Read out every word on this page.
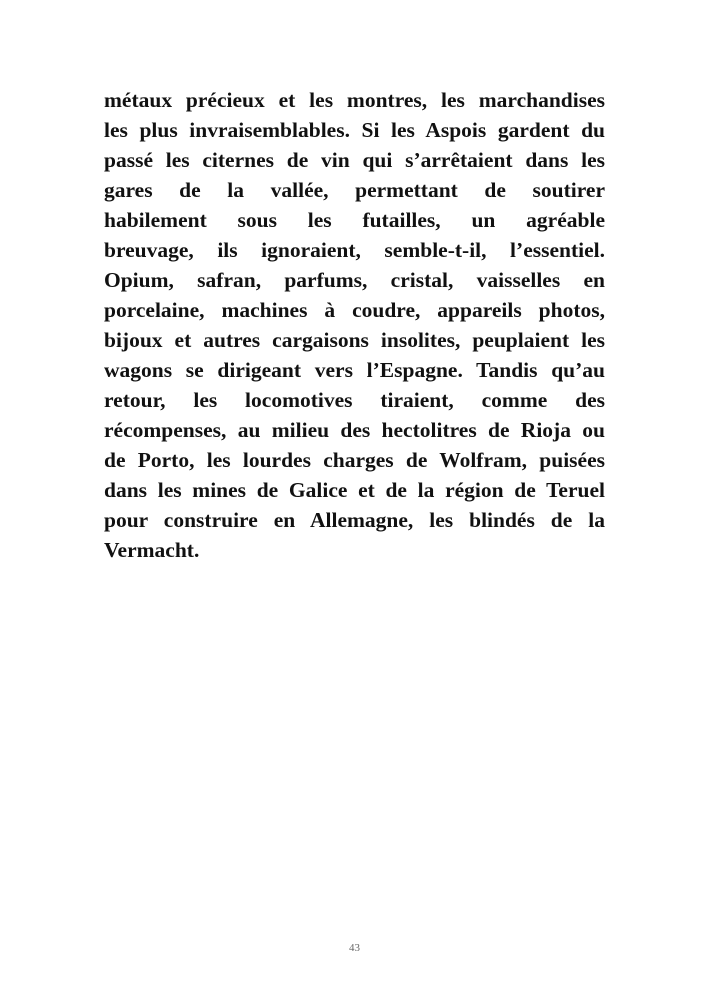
métaux précieux et les montres, les marchandises
les plus invraisemblables. Si les Aspois gardent du
passé les citernes de vin qui s’arrêtaient dans les
gares de la vallée, permettant de soutirer
habilement sous les futailles, un agréable
breuvage, ils ignoraient, semble-t-il, l’essentiel.
Opium, safran, parfums, cristal, vaisselles en
porcelaine, machines à coudre, appareils photos,
bijoux et autres cargaisons insolites, peuplaient les
wagons se dirigeant vers l’Espagne. Tandis qu’au
retour, les locomotives tiraient, comme des
récompenses, au milieu des hectolitres de Rioja ou
de Porto, les lourdes charges de Wolfram, puisées
dans les mines de Galice et de la région de Teruel
pour construire en Allemagne, les blindés de la
Vermacht.
43
